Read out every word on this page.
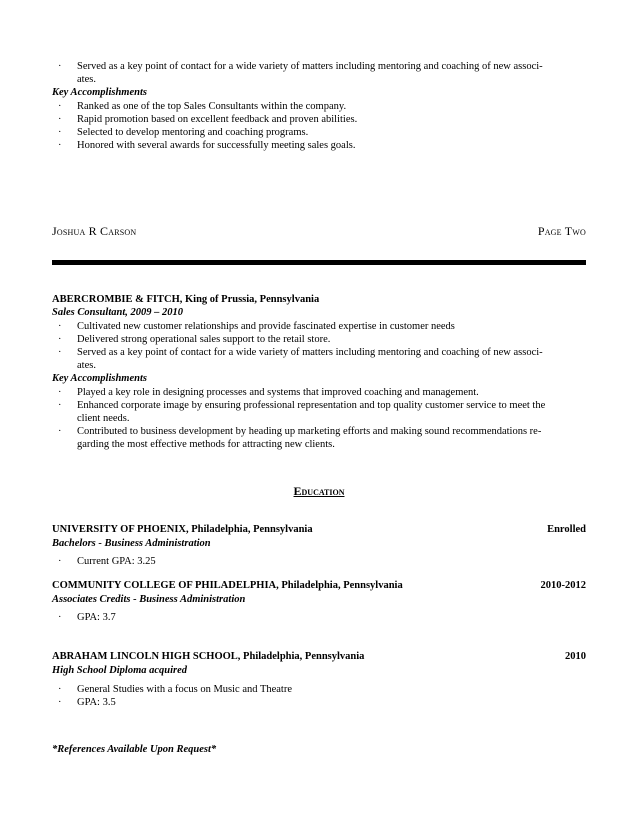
·	Served as a key point of contact for a wide variety of matters including mentoring and coaching of new associ-
ates.
Key Accomplishments
·	Ranked as one of the top Sales Consultants within the company.
·	Rapid promotion based on excellent feedback and proven abilities.
·	Selected to develop mentoring and coaching programs.
·	Honored with several awards for successfully meeting sales goals.
Joshua R Carson	Page Two
ABERCROMBIE & FITCH, King of Prussia, Pennsylvania
Sales Consultant, 2009 – 2010
·	Cultivated new customer relationships and provide fascinated expertise in customer needs
·	Delivered strong operational sales support to the retail store.
·	Served as a key point of contact for a wide variety of matters including mentoring and coaching of new associ-
ates.
Key Accomplishments
·	Played a key role in designing processes and systems that improved coaching and management.
·	Enhanced corporate image by ensuring professional representation and top quality customer service to meet the
client needs.
·	Contributed to business development by heading up marketing efforts and making sound recommendations re-
garding the most effective methods for attracting new clients.
Education
UNIVERSITY OF PHOENIX, Philadelphia, Pennsylvania	Enrolled
Bachelors - Business Administration
·	Current GPA: 3.25
COMMUNITY COLLEGE OF PHILADELPHIA, Philadelphia, Pennsylvania	2010-2012
Associates Credits - Business Administration
·	GPA: 3.7
ABRAHAM LINCOLN HIGH SCHOOL, Philadelphia, Pennsylvania	2010
High School Diploma acquired
·	General Studies with a focus on Music and Theatre
·	GPA: 3.5
*References Available Upon Request*
